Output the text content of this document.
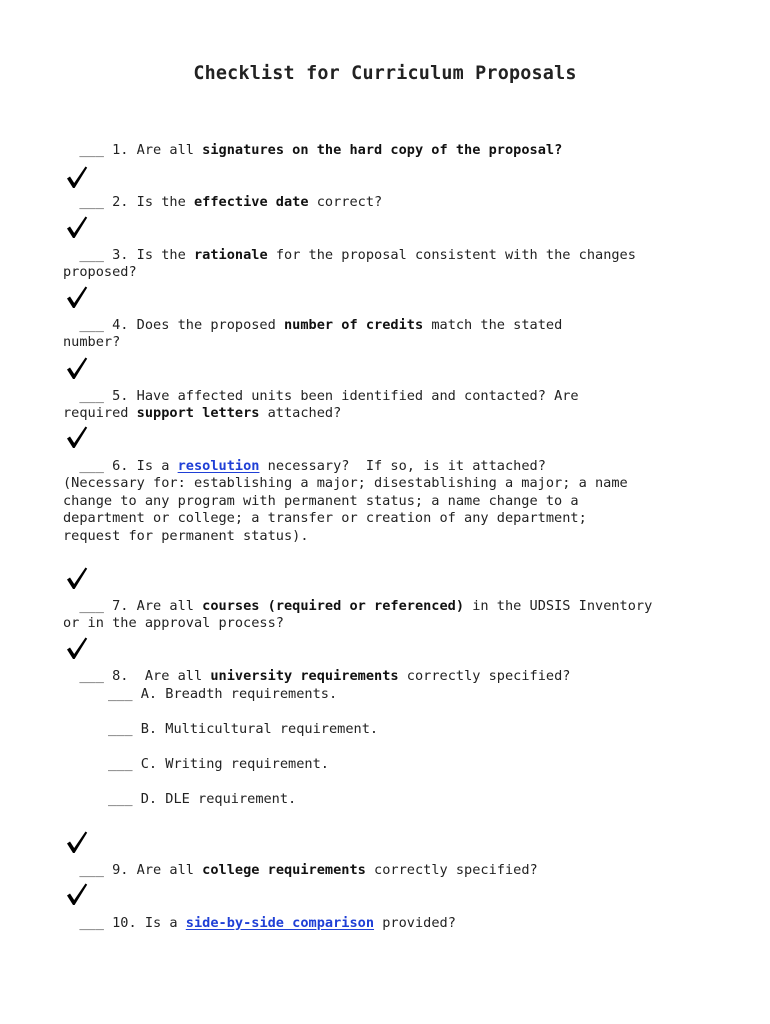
Checklist for Curriculum Proposals

___ 1. Are all signatures on the hard copy of the proposal?

___ 2. Is the effective date correct?

___ 3. Is the rationale for the proposal consistent with the changes proposed?

___ 4. Does the proposed number of credits match the stated
number?

___ 5. Have affected units been identified and contacted? Are
required support letters attached?

___ 6. Is a resolution necessary?  If so, is it attached?

(Necessary for: establishing a major; disestablishing a major; a name
change to any program with permanent status; a name change to a
department or college; a transfer or creation of any department;
request for permanent status).

___ 7. Are all courses (required or referenced) in the UDSIS Inventory
or in the approval process?

___ 8.  Are all university requirements correctly specified?

___ A. Breadth requirements.
___ B. Multicultural requirement.
___ C. Writing requirement.
___ D. DLE requirement.

___ 9. Are all college requirements correctly specified?

___ 10. Is a side-by-side comparison provided?
